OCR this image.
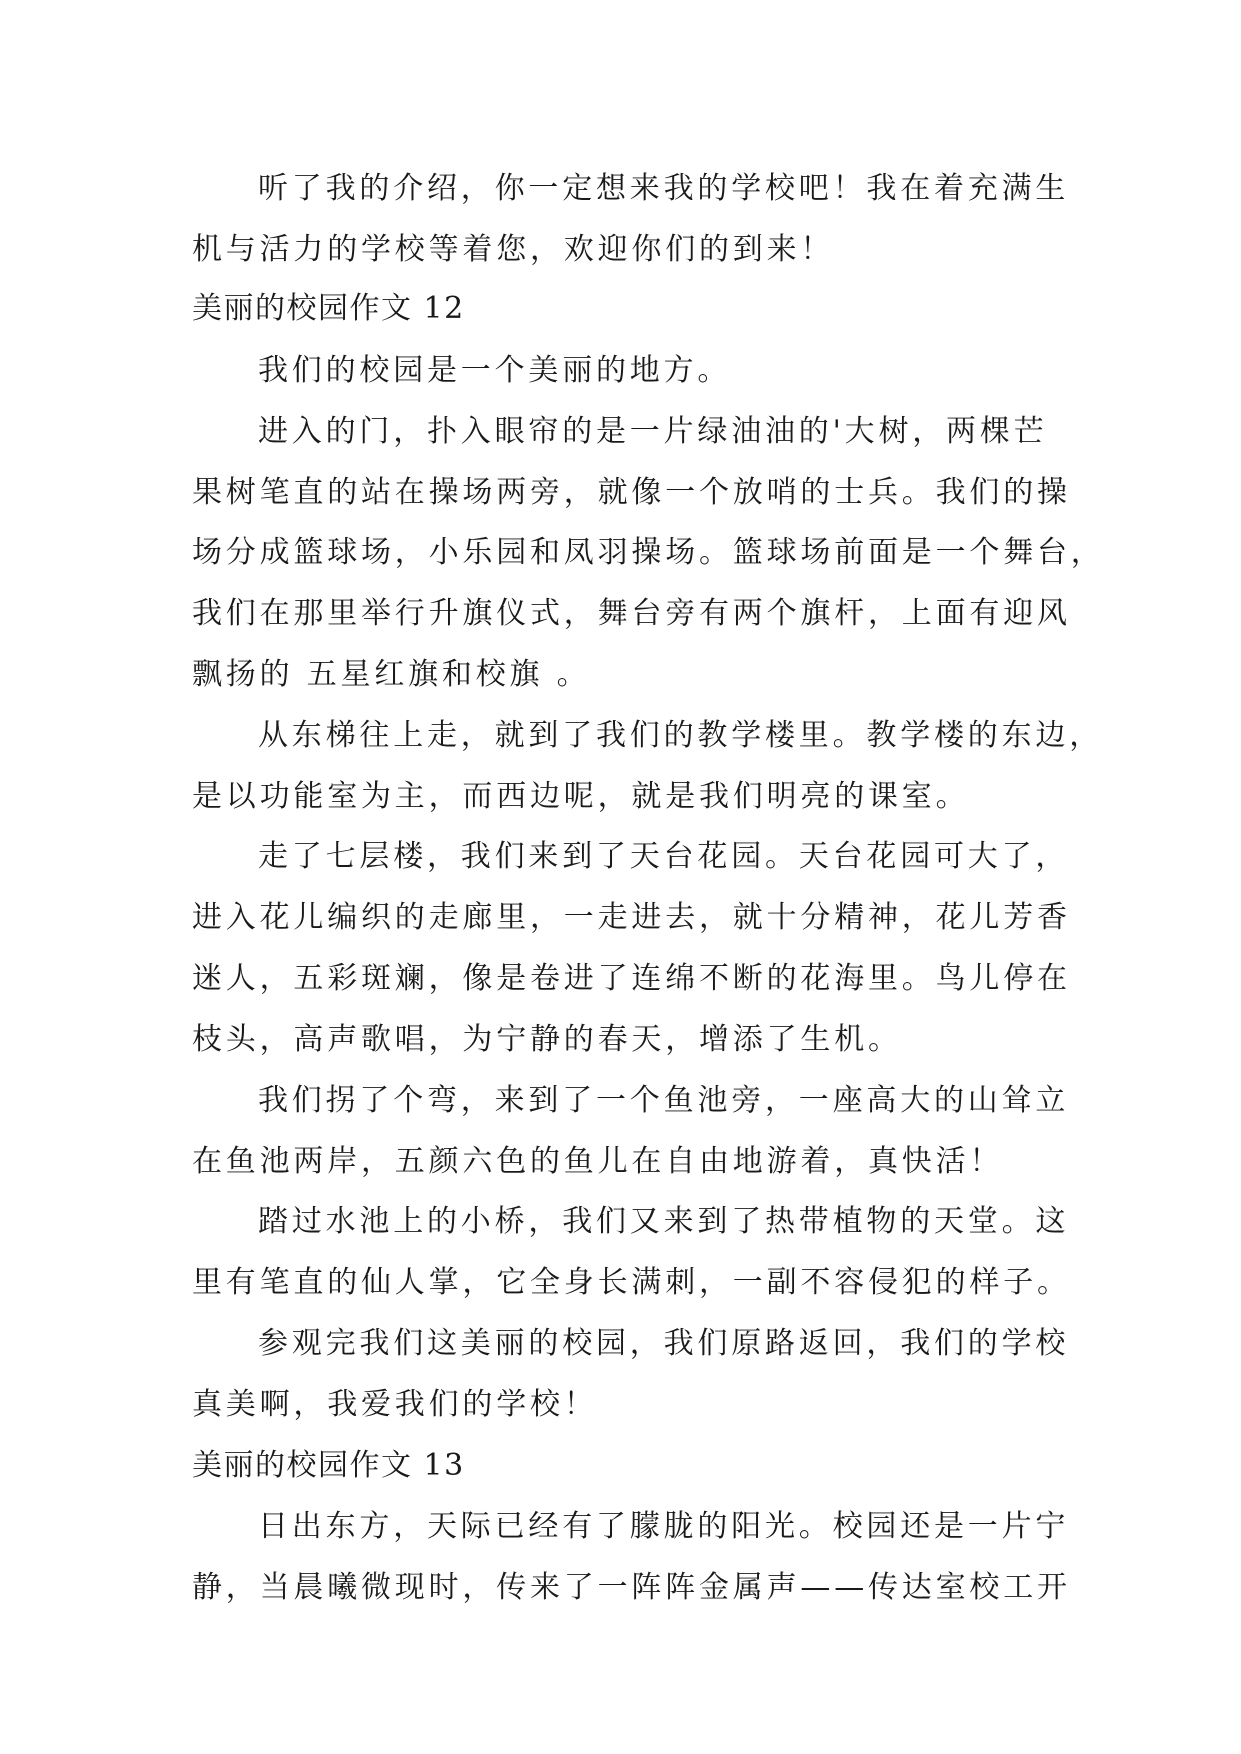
听了我的介绍，你一定想来我的学校吧！我在着充满生
机与活力的学校等着您，欢迎你们的到来！
美丽的校园作文 12
我们的校园是一个美丽的地方。
进入的门，扑入眼帘的是一片绿油油的'大树，两棵芒
果树笔直的站在操场两旁，就像一个放哨的士兵。我们的操
场分成篮球场，小乐园和凤羽操场。篮球场前面是一个舞台，
我们在那里举行升旗仪式，舞台旁有两个旗杆，上面有迎风
飘扬的 五星红旗和校旗 。
从东梯往上走，就到了我们的教学楼里。教学楼的东边，
是以功能室为主，而西边呢，就是我们明亮的课室。
走了七层楼，我们来到了天台花园。天台花园可大了，
进入花儿编织的走廊里，一走进去，就十分精神，花儿芳香
迷人，五彩斑斓，像是卷进了连绵不断的花海里。鸟儿停在
枝头，高声歌唱，为宁静的春天，增添了生机。
我们拐了个弯，来到了一个鱼池旁，一座高大的山耸立
在鱼池两岸，五颜六色的鱼儿在自由地游着，真快活！
踏过水池上的小桥，我们又来到了热带植物的天堂。这
里有笔直的仙人掌，它全身长满刺，一副不容侵犯的样子。
参观完我们这美丽的校园，我们原路返回，我们的学校
真美啊，我爱我们的学校！
美丽的校园作文 13
日出东方，天际已经有了朦胧的阳光。校园还是一片宁
静，当晨曦微现时，传来了一阵阵金属声——传达室校工开
